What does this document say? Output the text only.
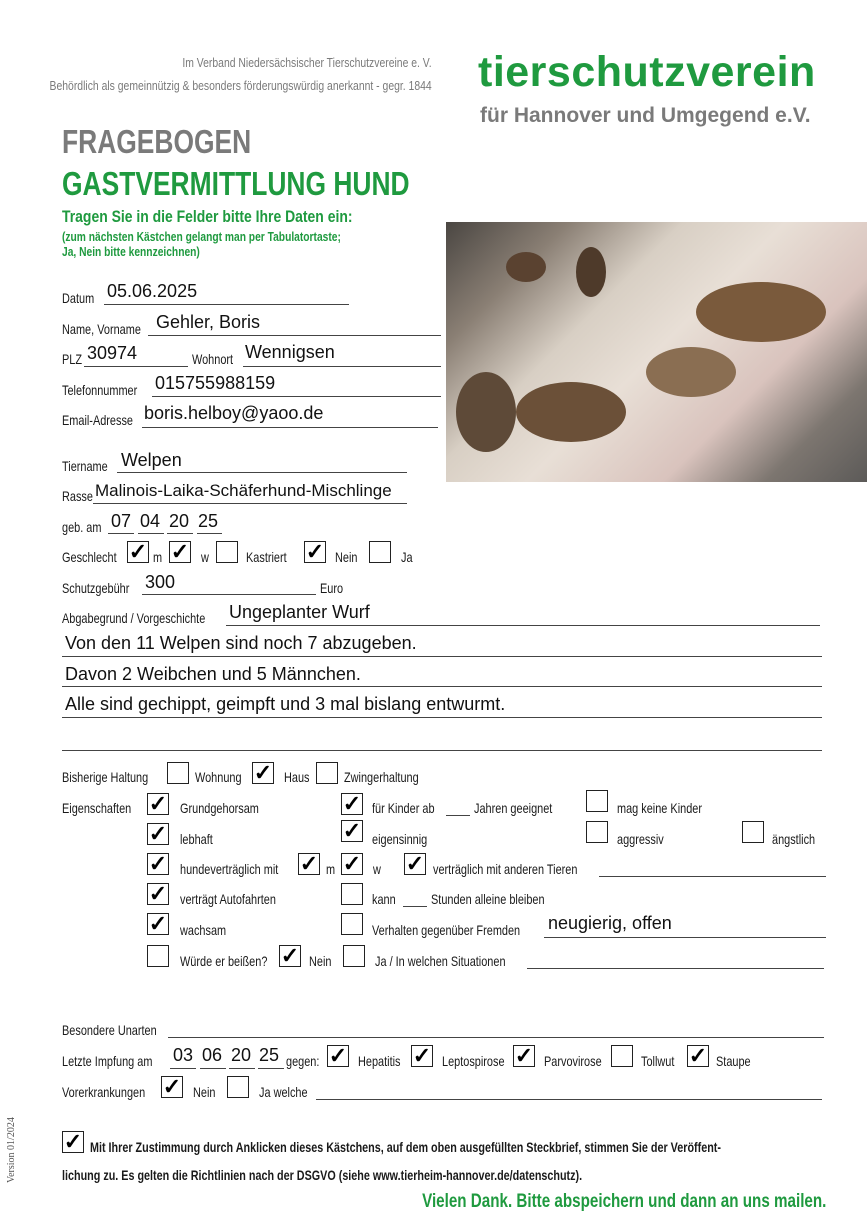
Im Verband Niedersächsischer Tierschutzvereine e. V.
Behördlich als gemeinnützig & besonders förderungswürdig anerkannt - gegr. 1844 tierschutzverein
für Hannover und Umgegend e.V.
FRAGEBOGEN
GASTVERMITTLUNG HUND
Tragen Sie in die Felder bitte Ihre Daten ein:
(zum nächsten Kästchen gelangt man per Tabulatortaste;
Ja, Nein bitte kennzeichnen)
Datum 05.06.2025
Name, Vorname Gehler, Boris
PLZ 30974	Wohnort Wennigsen
Telefonnummer 015755988159
Email-Adresse boris.helboy@yaoo.de
Tiername Welpen
Rasse Malinois-Laika-Schäferhund-Mischlinge
geb. am 07 04 20 25
Geschlecht ✓ m ✓ w	Kastriert ✓ Nein	Ja
Schutzgebühr 300	Euro
Abgabegrund / Vorgeschichte Ungeplanter Wurf
Von den 11 Welpen sind noch 7 abzugeben.
Davon 2 Weibchen und 5 Männchen.
Alle sind gechippt, geimpft und 3 mal bislang entwurmt.
Bisherige Haltung	Wohnung ✓ Haus Zwingerhaltung
Eigenschaften ✓ Grundgehorsam	✓ für Kinder ab	Jahren geeignet	mag keine Kinder
✓ lebhaft	✓ eigensinnig	aggressiv	ängstlich
✓ hundeverträglich mit ✓ m ✓ w ✓ verträglich mit anderen Tieren
✓ verträgt Autofahrten	kann	Stunden alleine bleiben
✓ wachsam	Verhalten gegenüber Fremden neugierig, offen
Würde er beißen? ✓ Nein	Ja / In welchen Situationen
Besondere Unarten
Letzte Impfung am 03 06 20 25 gegen: ✓ Hepatitis ✓ Leptospirose ✓ Parvovirose	Tollwut ✓ Staupe
Vorerkrankungen ✓ Nein	Ja welche
✓ Mit Ihrer Zustimmung durch Anklicken dieses Kästchens, auf dem oben ausgefüllten Steckbrief, stimmen Sie der Veröffent-
lichung zu. Es gelten die Richtlinien nach der DSGVO (siehe www.tierheim-hannover.de/datenschutz).
Vielen Dank. Bitte abspeichern und dann an uns mailen.
Version 01/2024
